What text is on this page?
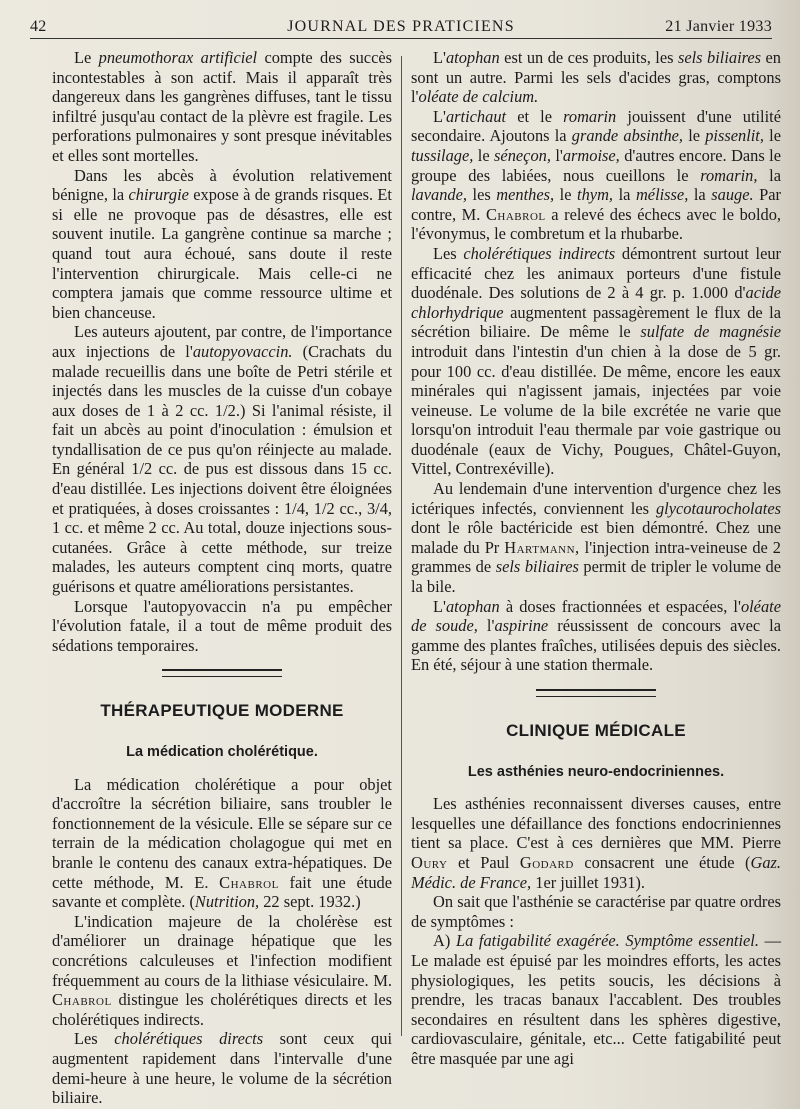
42	JOURNAL DES PRATICIENS	21 Janvier 1933

Le pneumothorax artificiel compte des succès incontestables à son actif. Mais il apparaît très dangereux dans les gangrènes diffuses, tant le tissu infiltré jusqu'au contact de la plèvre est fragile. Les perforations pulmonaires y sont presque inévitables et elles sont mortelles.

Dans les abcès à évolution relativement bénigne, la chirurgie expose à de grands risques. Et si elle ne provoque pas de désastres, elle est souvent inutile. La gangrène continue sa marche ; quand tout aura échoué, sans doute il reste l'intervention chirurgicale. Mais celle-ci ne comptera jamais que comme ressource ultime et bien chanceuse.

Les auteurs ajoutent, par contre, de l'importance aux injections de l'autopyovaccin. (Crachats du malade recueillis dans une boîte de Petri stérile et injectés dans les muscles de la cuisse d'un cobaye aux doses de 1 à 2 cc. 1/2.) Si l'animal résiste, il fait un abcès au point d'inoculation : émulsion et tyndallisation de ce pus qu'on réinjecte au malade. En général 1/2 cc. de pus est dissous dans 15 cc. d'eau distillée. Les injections doivent être éloignées et pratiquées, à doses croissantes : 1/4, 1/2 cc., 3/4, 1 cc. et même 2 cc. Au total, douze injections sous-cutanées. Grâce à cette méthode, sur treize malades, les auteurs comptent cinq morts, quatre guérisons et quatre améliorations persistantes.

Lorsque l'autopyovaccin n'a pu empêcher l'évolution fatale, il a tout de même produit des sédations temporaires.

THÉRAPEUTIQUE MODERNE
La médication cholérétique.

La médication cholérétique a pour objet d'accroître la sécrétion biliaire, sans troubler le fonctionnement de la vésicule. Elle se sépare sur ce terrain de la médication cholagogue qui met en branle le contenu des canaux extra-hépatiques. De cette méthode, M. E. Chabrol fait une étude savante et complète. (Nutrition, 22 sept. 1932.)

L'indication majeure de la cholérèse est d'améliorer un drainage hépatique que les concrétions calculeuses et l'infection modifient fréquemment au cours de la lithiase vésiculaire. M. Chabrol distingue les cholérétiques directs et les cholérétiques indirects.

Les cholérétiques directs sont ceux qui augmentent rapidement dans l'intervalle d'une demi-heure à une heure, le volume de la sécrétion biliaire.

L'atophan est un de ces produits, les sels biliaires en sont un autre. Parmi les sels d'acides gras, comptons l'oléate de calcium.

L'artichaut et le romarin jouissent d'une utilité secondaire. Ajoutons la grande absinthe, le pissenlit, le tussilage, le séneçon, l'armoise, d'autres encore. Dans le groupe des labiées, nous cueillons le romarin, la lavande, les menthes, le thym, la mélisse, la sauge. Par contre, M. Chabrol a relevé des échecs avec le boldo, l'évonymus, le combretum et la rhubarbe.

Les cholérétiques indirects démontrent surtout leur efficacité chez les animaux porteurs d'une fistule duodénale. Des solutions de 2 à 4 gr. p. 1.000 d'acide chlorhydrique augmentent passagèrement le flux de la sécrétion biliaire. De même le sulfate de magnésie introduit dans l'intestin d'un chien à la dose de 5 gr. pour 100 cc. d'eau distillée. De même, encore les eaux minérales qui n'agissent jamais, injectées par voie veineuse. Le volume de la bile excrétée ne varie que lorsqu'on introduit l'eau thermale par voie gastrique ou duodénale (eaux de Vichy, Pougues, Châtel-Guyon, Vittel, Contrexéville).

Au lendemain d'une intervention d'urgence chez les ictériques infectés, conviennent les glycotaurocholates dont le rôle bactéricide est bien démontré. Chez une malade du Pr Hartmann, l'injection intra-veineuse de 2 grammes de sels biliaires permit de tripler le volume de la bile.

L'atophan à doses fractionnées et espacées, l'oléate de soude, l'aspirine réussissent de concours avec la gamme des plantes fraîches, utilisées depuis des siècles. En été, séjour à une station thermale.

CLINIQUE MÉDICALE
Les asthénies neuro-endocriniennes.

Les asthénies reconnaissent diverses causes, entre lesquelles une défaillance des fonctions endocriniennes tient sa place. C'est à ces dernières que MM. Pierre Oury et Paul Godard consacrent une étude (Gaz. Médic. de France, 1er juillet 1931).

On sait que l'asthénie se caractérise par quatre ordres de symptômes :

A) La fatigabilité exagérée. Symptôme essentiel. — Le malade est épuisé par les moindres efforts, les actes physiologiques, les petits soucis, les décisions à prendre, les tracas banaux l'accablent. Des troubles secondaires en résultent dans les sphères digestive, cardiovasculaire, génitale, etc... Cette fatigabilité peut être masquée par une agi
